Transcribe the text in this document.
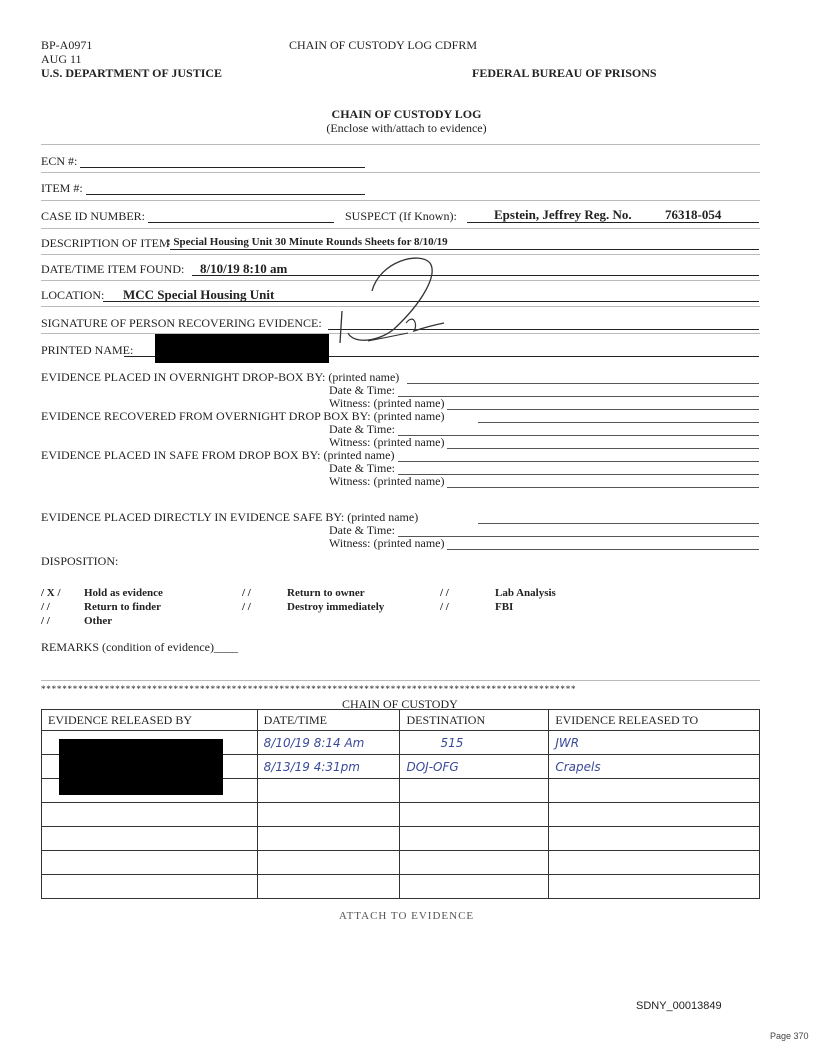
BP-A0971
AUG 11
CHAIN OF CUSTODY LOG CDFRM
U.S. DEPARTMENT OF JUSTICE	FEDERAL BUREAU OF PRISONS
CHAIN OF CUSTODY LOG
(Enclose with/attach to evidence)
ECN #:
ITEM #:
CASE ID NUMBER:	SUSPECT (If Known):	Epstein, Jeffrey Reg. No.	76318-054
DESCRIPTION OF ITEM
: Special Housing Unit 30 Minute Rounds Sheets for 8/10/19
DATE/TIME ITEM FOUND: 8/10/19 8:10 am
LOCATION: MCC Special Housing Unit
SIGNATURE OF PERSON RECOVERING EVIDENCE:
PRINTED NAME:
EVIDENCE PLACED IN OVERNIGHT DROP-BOX BY: (printed name)
Date & Time:
Witness: (printed name)
EVIDENCE RECOVERED FROM OVERNIGHT DROP BOX BY: (printed name)
Date & Time:
Witness: (printed name)
EVIDENCE PLACED IN SAFE FROM DROP BOX BY: (printed name)
Date & Time:
Witness: (printed name)
EVIDENCE PLACED DIRECTLY IN EVIDENCE SAFE BY: (printed name)
Date & Time:
Witness: (printed name)
DISPOSITION:
/ X / Hold as evidence	/ /	Return to owner	/ /	Lab Analysis
/ /	Return to finder	/ /	Destroy immediately	/ /	FBI
/ /	Other
REMARKS (condition of evidence)____
*****************************************************************************************************
CHAIN OF CUSTODY
EVIDENCE RELEASED BY	DATE/TIME	DESTINATION	EVIDENCE RELEASED TO
	8/10/19 8:14 Am	515	JWR
	8/13/19 4:31pm	DOJ-OFG	Crapels

ATTACH TO EVIDENCE
SDNY_00013849
Page 370
